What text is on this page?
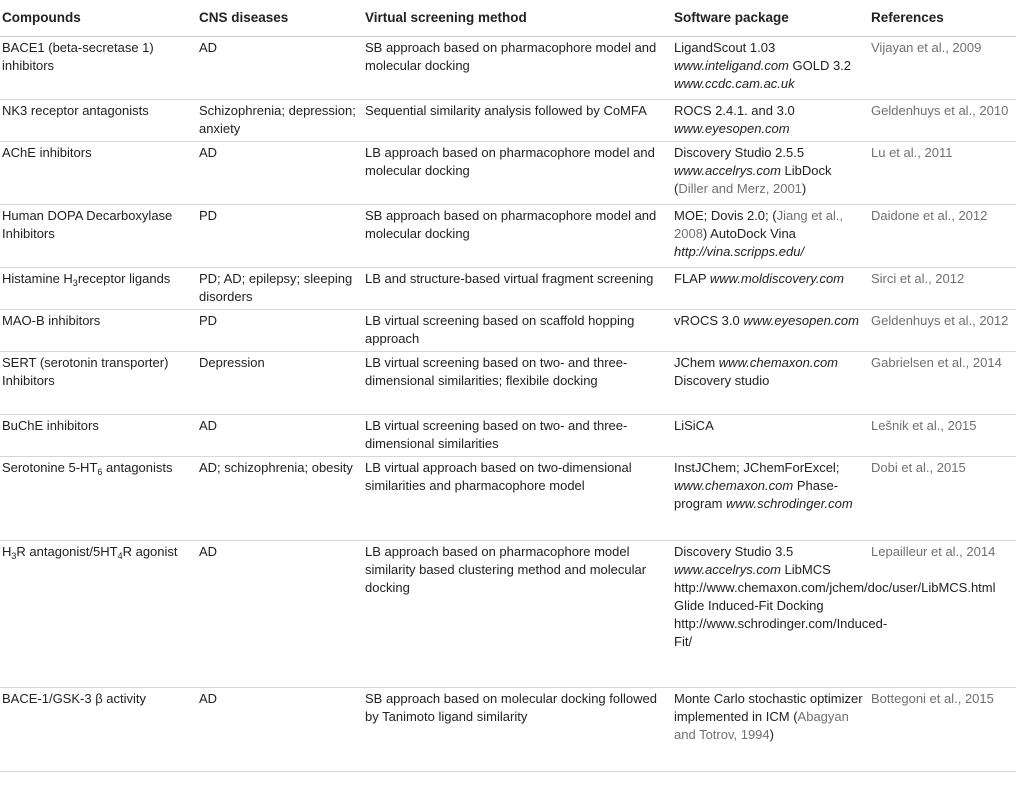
Compounds	CNS diseases	Virtual screening method	Software package	References
BACE1 (beta-secretase 1) inhibitors	AD	SB approach based on pharmacophore model and molecular docking	LigandScout 1.03 www.inteligand.com GOLD 3.2 www.ccdc.cam.ac.uk	Vijayan et al., 2009
NK3 receptor antagonists	Schizophrenia; depression; anxiety	Sequential similarity analysis followed by CoMFA	ROCS 2.4.1. and 3.0 www.eyesopen.com	Geldenhuys et al., 2010
AChE inhibitors	AD	LB approach based on pharmacophore model and molecular docking	Discovery Studio 2.5.5 www.accelrys.com LibDock (Diller and Merz, 2001)	Lu et al., 2011
Human DOPA Decarboxylase Inhibitors	PD	SB approach based on pharmacophore model and molecular docking	MOE; Dovis 2.0; (Jiang et al., 2008) AutoDock Vina http://vina.scripps.edu/	Daidone et al., 2012
Histamine $H_3receptor$ ligands	PD; AD; epilepsy; sleeping disorders	LB and structure-based virtual fragment screening	FLAP www.moldiscovery.com	Sirci et al., 2012
MAO-B inhibitors	PD	LB virtual screening based on scaffold hopping approach	vROCS 3.0 www.eyesopen.com	Geldenhuys et al., 2012
SERT (serotonin transporter) Inhibitors	Depression	LB virtual screening based on two- and three-dimensional similarities; flexibile docking	JChem www.chemaxon.com Discovery studio	Gabrielsen et al., 2014
BuChE inhibitors	AD	LB virtual screening based on two- and three-dimensional similarities	LiSiCA	Lešnik et al., 2015
Serotonine $5-HT_6$ antagonists	AD; schizophrenia; obesity	LB virtual approach based on two-dimensional similarities and pharmacophore model	InstJChem; JChemForExcel; www.chemaxon.com Phase-program www.schrodinger.com	Dobi et al., 2015
$H_3R$ antagonist/$5HT_4R$ agonist	AD	LB approach based on pharmacophore model similarity based clustering method and molecular docking	Discovery Studio 3.5 www.accelrys.com LibMCS http://www.chemaxon.com/jchem/doc/user/LibMCS.html Glide Induced-Fit Docking http://www.schrodinger.com/Induced-Fit/	Lepailleur et al., 2014
BACE-1/GSK-3 β activity	AD	SB approach based on molecular docking followed by Tanimoto ligand similarity	Monte Carlo stochastic optimizer implemented in ICM (Abagyan and Totrov, 1994)	Bottegoni et al., 2015
